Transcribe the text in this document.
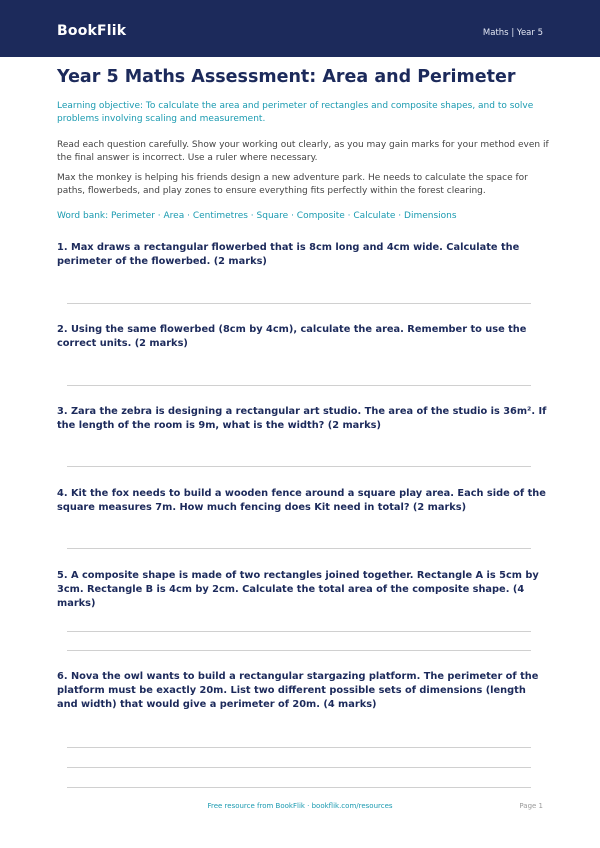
BookFlik	Maths | Year 5
Year 5 Maths Assessment: Area and Perimeter
Learning objective: To calculate the area and perimeter of rectangles and composite shapes, and to solve problems involving scaling and measurement.
Read each question carefully. Show your working out clearly, as you may gain marks for your method even if the final answer is incorrect. Use a ruler where necessary.
Max the monkey is helping his friends design a new adventure park. He needs to calculate the space for paths, flowerbeds, and play zones to ensure everything fits perfectly within the forest clearing.
Word bank: Perimeter · Area · Centimetres · Square · Composite · Calculate · Dimensions
1. Max draws a rectangular flowerbed that is 8cm long and 4cm wide. Calculate the perimeter of the flowerbed. (2 marks)
2. Using the same flowerbed (8cm by 4cm), calculate the area. Remember to use the correct units. (2 marks)
3. Zara the zebra is designing a rectangular art studio. The area of the studio is 36m². If the length of the room is 9m, what is the width? (2 marks)
4. Kit the fox needs to build a wooden fence around a square play area. Each side of the square measures 7m. How much fencing does Kit need in total? (2 marks)
5. A composite shape is made of two rectangles joined together. Rectangle A is 5cm by 3cm. Rectangle B is 4cm by 2cm. Calculate the total area of the composite shape. (4 marks)
6. Nova the owl wants to build a rectangular stargazing platform. The perimeter of the platform must be exactly 20m. List two different possible sets of dimensions (length and width) that would give a perimeter of 20m. (4 marks)
Free resource from BookFlik · bookflik.com/resources	Page 1
